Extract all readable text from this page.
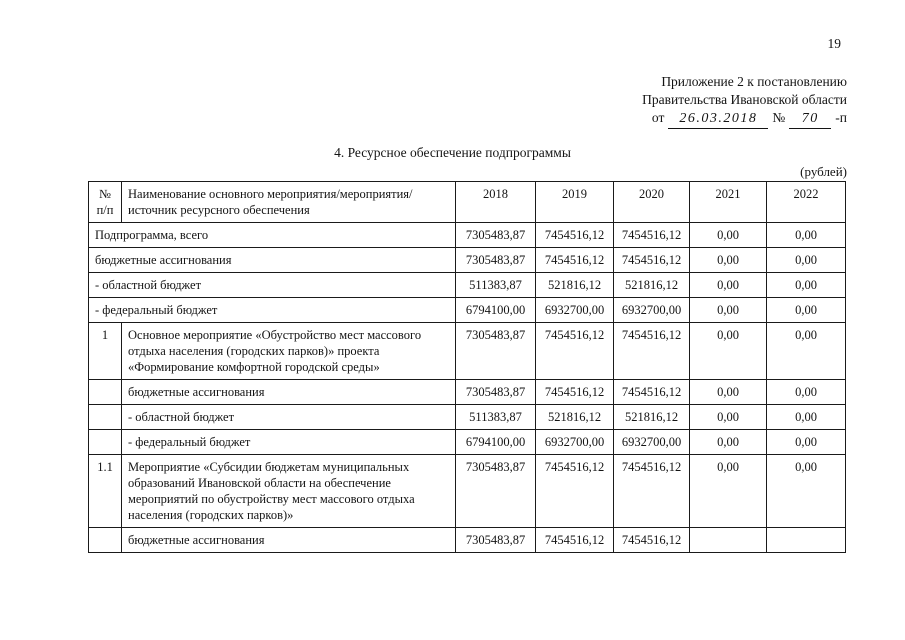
19
Приложение 2 к постановлению
Правительства Ивановской области
от 26.03.2018 № 70 -п
4. Ресурсное обеспечение подпрограммы
(рублей)
№ п/п	Наименование основного мероприятия/мероприятия/источник ресурсного обеспечения	2018	2019	2020	2021	2022
Подпрограмма, всего		7305483,87	7454516,12	7454516,12	0,00	0,00
бюджетные ассигнования		7305483,87	7454516,12	7454516,12	0,00	0,00
- областной бюджет		511383,87	521816,12	521816,12	0,00	0,00
- федеральный бюджет		6794100,00	6932700,00	6932700,00	0,00	0,00
1	Основное мероприятие «Обустройство мест массового отдыха населения (городских парков)» проекта «Формирование комфортной городской среды»	7305483,87	7454516,12	7454516,12	0,00	0,00
	бюджетные ассигнования	7305483,87	7454516,12	7454516,12	0,00	0,00
	- областной бюджет	511383,87	521816,12	521816,12	0,00	0,00
	- федеральный бюджет	6794100,00	6932700,00	6932700,00	0,00	0,00
1.1	Мероприятие «Субсидии бюджетам муниципальных образований Ивановской области на обеспечение мероприятий по обустройству мест массового отдыха населения (городских парков)»	7305483,87	7454516,12	7454516,12	0,00	0,00
	бюджетные ассигнования	7305483,87	7454516,12	7454516,12		
